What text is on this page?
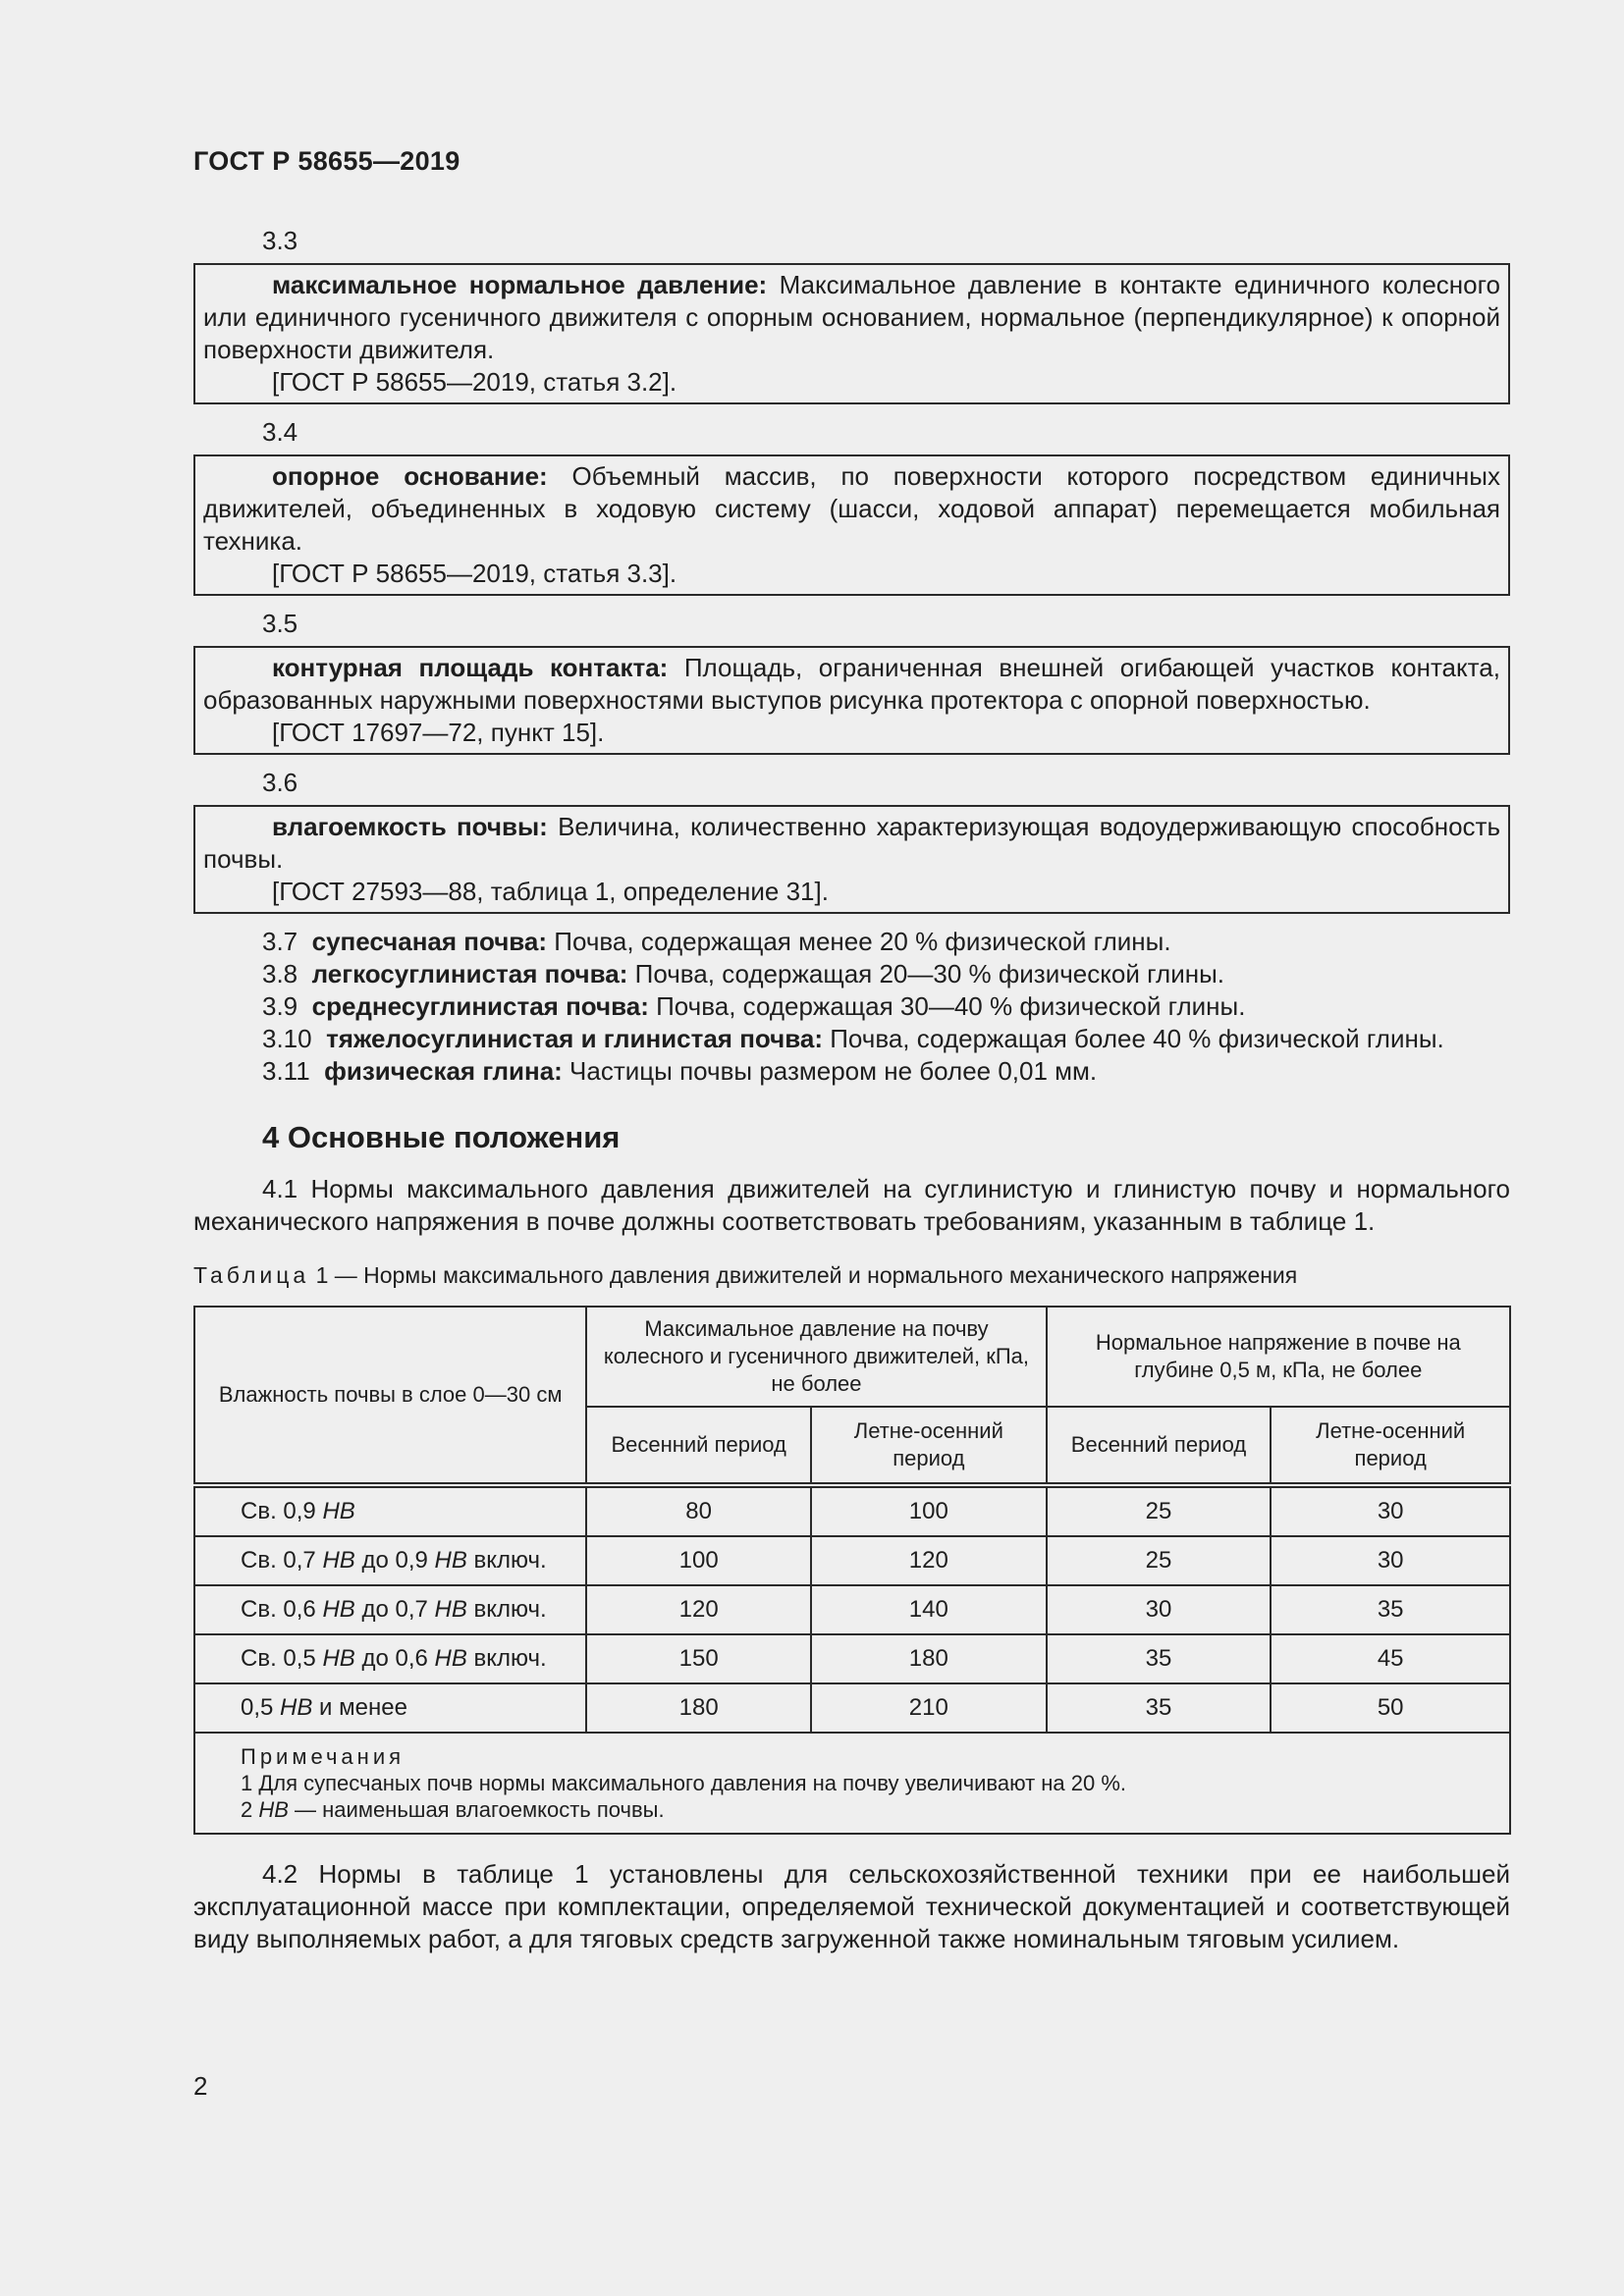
ГОСТ Р 58655—2019
3.3

максимальное нормальное давление: Максимальное давление в контакте единичного колесного или единичного гусеничного движителя с опорным основанием, нормальное (перпендикулярное) к опорной поверхности движителя.

[ГОСТ Р 58655—2019, статья 3.2].

3.4

опорное основание: Объемный массив, по поверхности которого посредством единичных движителей, объединенных в ходовую систему (шасси, ходовой аппарат) перемещается мобильная техника.

[ГОСТ Р 58655—2019, статья 3.3].

3.5

контурная площадь контакта: Площадь, ограниченная внешней огибающей участков контакта, образованных наружными поверхностями выступов рисунка протектора с опорной поверхностью.

[ГОСТ 17697—72, пункт 15].

3.6

влагоемкость почвы: Величина, количественно характеризующая водоудерживающую способность почвы.

[ГОСТ 27593—88, таблица 1, определение 31].

3.7 супесчаная почва: Почва, содержащая менее 20 % физической глины.
3.8 легкосуглинистая почва: Почва, содержащая 20—30 % физической глины.
3.9 среднесуглинистая почва: Почва, содержащая 30—40 % физической глины.
3.10 тяжелосуглинистая и глинистая почва: Почва, содержащая более 40 % физической глины.
3.11 физическая глина: Частицы почвы размером не более 0,01 мм.
4 Основные положения

4.1 Нормы максимального давления движителей на суглинистую и глинистую почву и нормального механического напряжения в почве должны соответствовать требованиям, указанным в таблице 1.

Таблица 1 — Нормы максимального давления движителей и нормального механического напряжения
Влажность почвы в слое 0—30 см	Максимальное давление на почву колесного и гусеничного движителей, кПа, не более		Нормальное напряжение в почве на глубине 0,5 м, кПа, не более	
	Весенний период	Летне-осенний период	Весенний период	Летне-осенний период
Св. 0,9 НВ	80	100	25	30
Св. 0,7 НВ до 0,9 НВ включ.	100	120	25	30
Св. 0,6 НВ до 0,7 НВ включ.	120	140	30	35
Св. 0,5 НВ до 0,6 НВ включ.	150	180	35	45
0,5 НВ и менее	180	210	35	50

Примечания
1 Для супесчаных почв нормы максимального давления на почву увеличивают на 20 %.
2 НВ — наименьшая влагоемкость почвы.				

4.2 Нормы в таблице 1 установлены для сельскохозяйственной техники при ее наибольшей эксплуатационной массе при комплектации, определяемой технической документацией и соответствующей виду выполняемых работ, а для тяговых средств загруженной также номинальным тяговым усилием.

2
